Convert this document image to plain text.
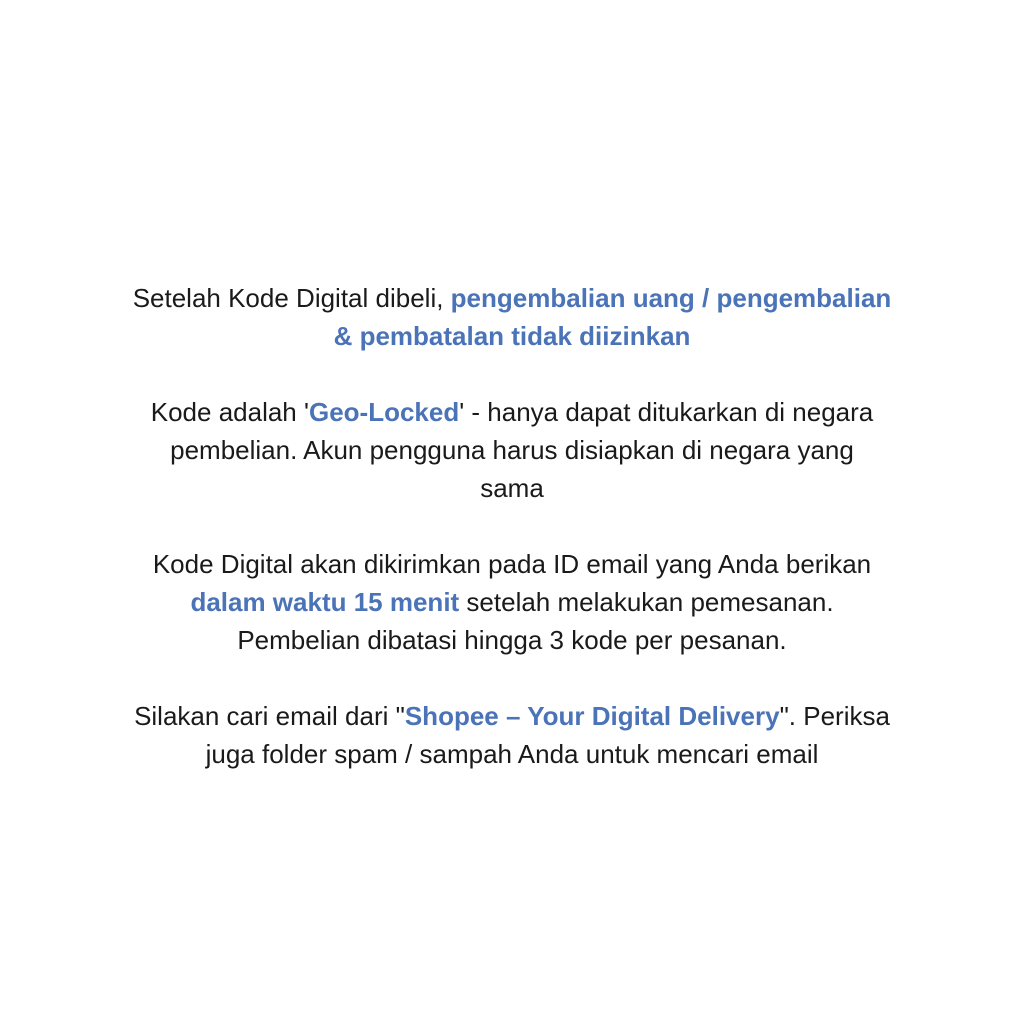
Setelah Kode Digital dibeli, pengembalian uang / pengembalian
& pembatalan tidak diizinkan

Kode adalah 'Geo-Locked' - hanya dapat ditukarkan di negara
pembelian. Akun pengguna harus disiapkan di negara yang
sama

Kode Digital akan dikirimkan pada ID email yang Anda berikan
dalam waktu 15 menit setelah melakukan pemesanan.
Pembelian dibatasi hingga 3 kode per pesanan.

Silakan cari email dari "Shopee – Your Digital Delivery". Periksa
juga folder spam / sampah Anda untuk mencari email
